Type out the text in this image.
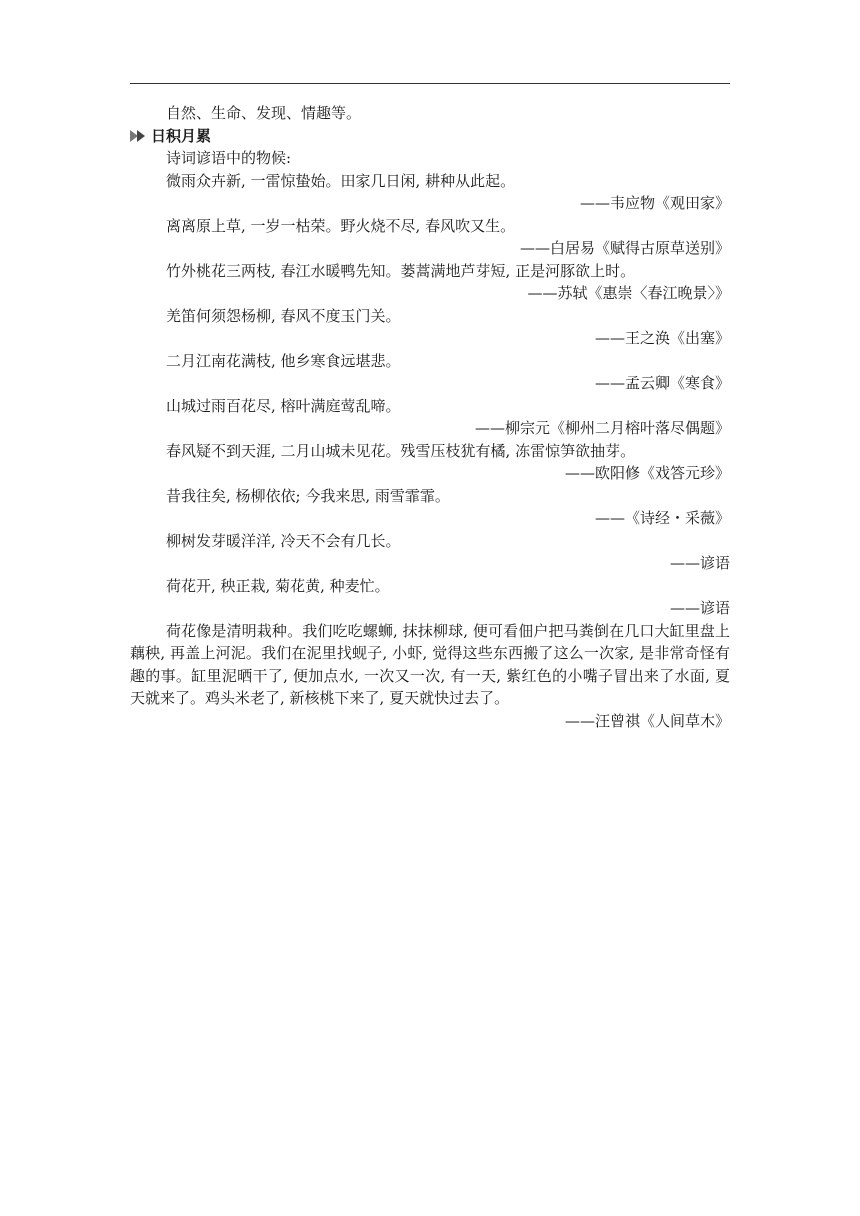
自然、生命、发现、情趣等。
日积月累
诗词谚语中的物候:
微雨众卉新, 一雷惊蛰始。田家几日闲, 耕种从此起。
——韦应物《观田家》
离离原上草, 一岁一枯荣。野火烧不尽, 春风吹又生。
——白居易《赋得古原草送别》
竹外桃花三两枝, 春江水暖鸭先知。蒌蒿满地芦芽短, 正是河豚欲上时。
——苏轼《惠崇〈春江晚景〉》
羌笛何须怨杨柳, 春风不度玉门关。
——王之涣《出塞》
二月江南花满枝, 他乡寒食远堪悲。
——孟云卿《寒食》
山城过雨百花尽, 榕叶满庭莺乱啼。
——柳宗元《柳州二月榕叶落尽偶题》
春风疑不到天涯, 二月山城未见花。残雪压枝犹有橘, 冻雷惊笋欲抽芽。
——欧阳修《戏答元珍》
昔我往矣, 杨柳依依; 今我来思, 雨雪霏霏。
——《诗经・采薇》
柳树发芽暖洋洋, 冷天不会有几长。
——谚语
荷花开, 秧正栽, 菊花黄, 种麦忙。
——谚语
荷花像是清明栽种。我们吃吃螺蛳, 抹抹柳球, 便可看佃户把马粪倒在几口大缸里盘上藕秧, 再盖上河泥。我们在泥里找蚬子, 小虾, 觉得这些东西搬了这么一次家, 是非常奇怪有趣的事。缸里泥晒干了, 便加点水, 一次又一次, 有一天, 紫红色的小嘴子冒出来了水面, 夏天就来了。鸡头米老了, 新核桃下来了, 夏天就快过去了。
——汪曾祺《人间草木》
